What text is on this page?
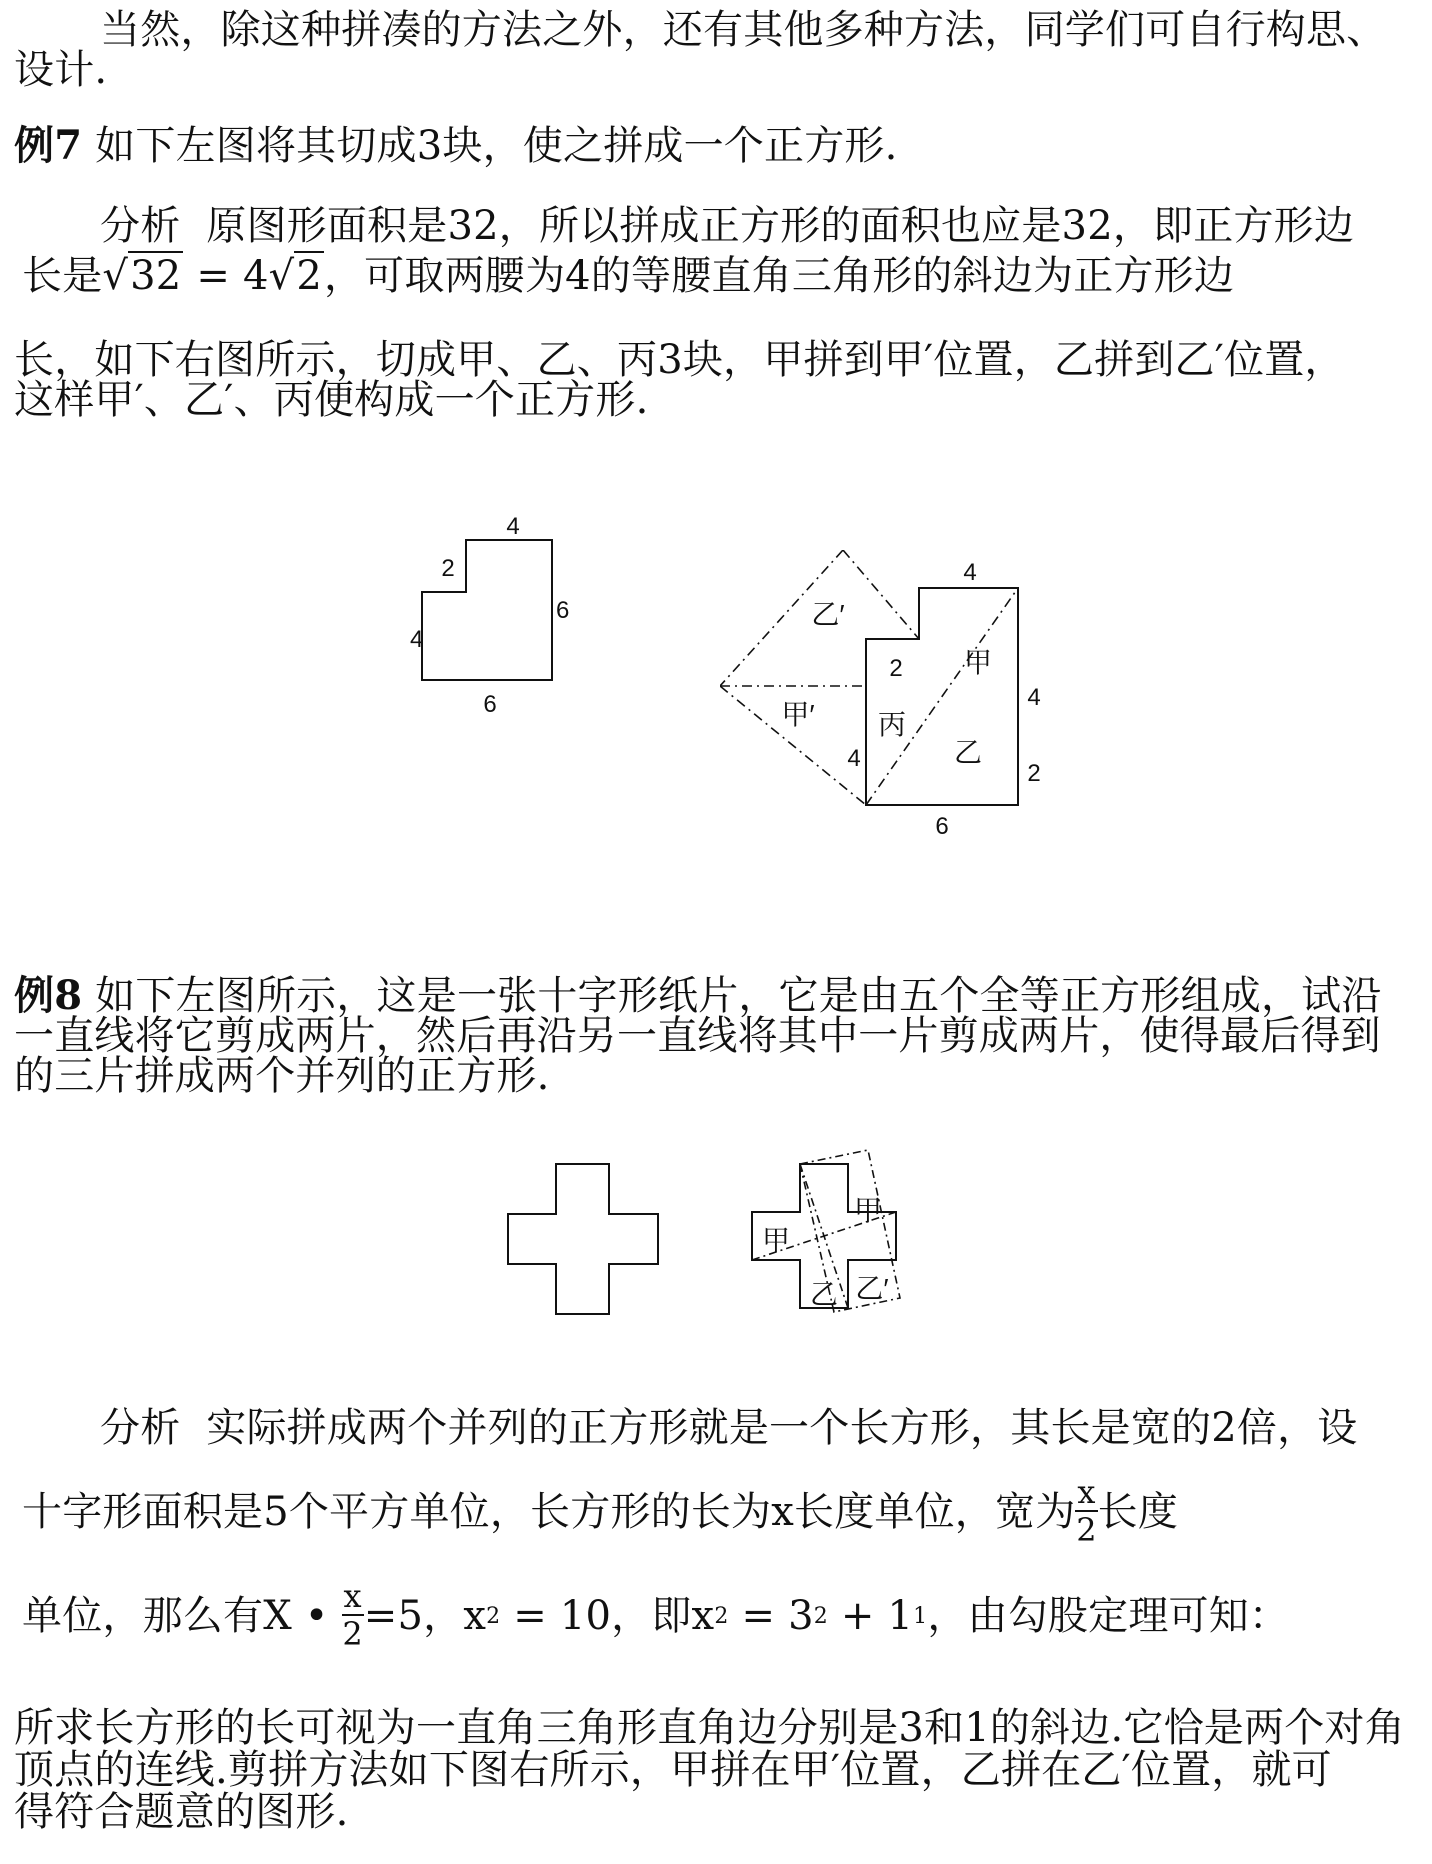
当然，除这种拼凑的方法之外，还有其他多种方法，同学们可自行构思、
设计.
例7 如下左图将其切成3块，使之拼成一个正方形.
分析 原图形面积是32，所以拼成正方形的面积也应是32，即正方形边
长是√32 = 4√2，可取两腰为4的等腰直角三角形的斜边为正方形边
长，如下右图所示，切成甲、乙、丙3块，甲拼到甲′位置，乙拼到乙′位置，
这样甲′、乙′、丙便构成一个正方形.
4
2
4
6
6
乙′
甲′
甲
乙
丙
4
2
4
2
4
6
例8 如下左图所示，这是一张十字形纸片，它是由五个全等正方形组成，试沿
一直线将它剪成两片，然后再沿另一直线将其中一片剪成两片，使得最后得到
的三片拼成两个并列的正方形.
甲
甲
乙 乙′
分析 实际拼成两个并列的正方形就是一个长方形，其长是宽的2倍，设
十字形面积是5个平方单位，长方形的长为x长度单位，宽为 $\frac{x}{2}$ 长度
单位，那么有X • $\frac{x}{2} =5$，$x^2 = 10$，即$x^2 = 3^2 + 1^1$，由勾股定理可知：
所求长方形的长可视为一直角三角形直角边分别是3和1的斜边.它恰是两个对角
顶点的连线.剪拼方法如下图右所示，甲拼在甲′位置，乙拼在乙′位置，就可
得符合题意的图形.
